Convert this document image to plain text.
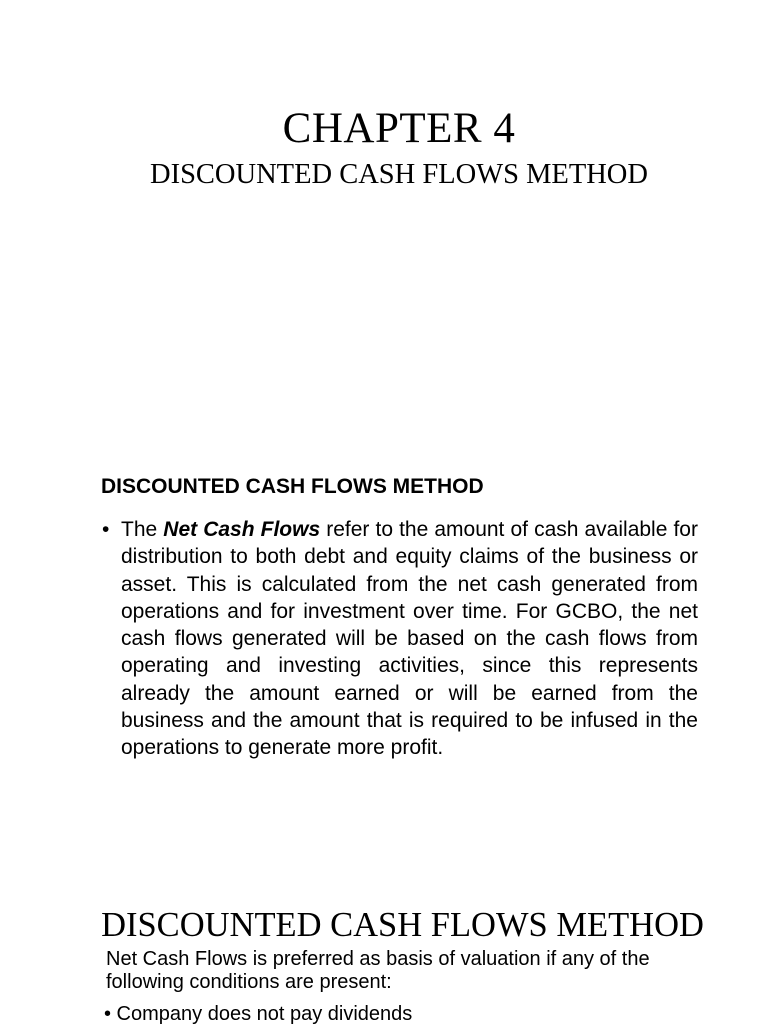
CHAPTER 4
DISCOUNTED CASH FLOWS METHOD
DISCOUNTED CASH FLOWS METHOD
• The Net Cash Flows refer to the amount of cash available for distribution to both debt and equity claims of the business or asset. This is calculated from the net cash generated from operations and for investment over time. For GCBO, the net cash flows generated will be based on the cash flows from operating and investing activities, since this represents already the amount earned or will be earned from the business and the amount that is required to be infused in the operations to generate more profit.
DISCOUNTED CASH FLOWS METHOD
Net Cash Flows is preferred as basis of valuation if any of the following conditions are present:
• Company does not pay dividends
